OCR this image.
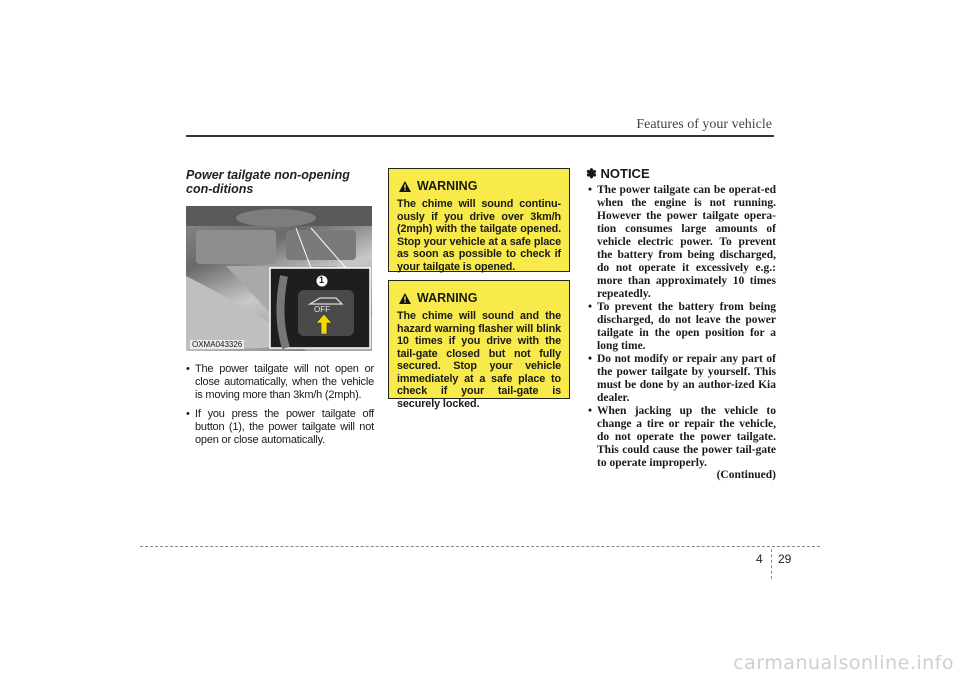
Features of your vehicle
Power tailgate non-opening con-ditions
1
OFF
OXMA043326
• The power tailgate will not open or close automatically, when the vehicle is moving more than 3km/h (2mph).
• If you press the power tailgate off button (1), the power tailgate will not open or close automatically.
WARNING
The chime will sound continu-ously if you drive over 3km/h (2mph) with the tailgate opened. Stop your vehicle at a safe place as soon as possible to check if your tailgate is opened.
WARNING
The chime will sound and the hazard warning flasher will blink 10 times if you drive with the tail-gate closed but not fully secured. Stop your vehicle immediately at a safe place to check if your tail-gate is securely locked.
✽ NOTICE
• The power tailgate can be operat-ed when the engine is not running. However the power tailgate opera-tion consumes large amounts of vehicle electric power. To prevent the battery from being discharged, do not operate it excessively e.g.: more than approximately 10 times repeatedly.
• To prevent the battery from being discharged, do not leave the power tailgate in the open position for a long time.
• Do not modify or repair any part of the power tailgate by yourself. This must be done by an author-ized Kia dealer.
• When jacking up the vehicle to change a tire or repair the vehicle, do not operate the power tailgate. This could cause the power tail-gate to operate improperly.
(Continued)
4 29
carmanualsonline.info
